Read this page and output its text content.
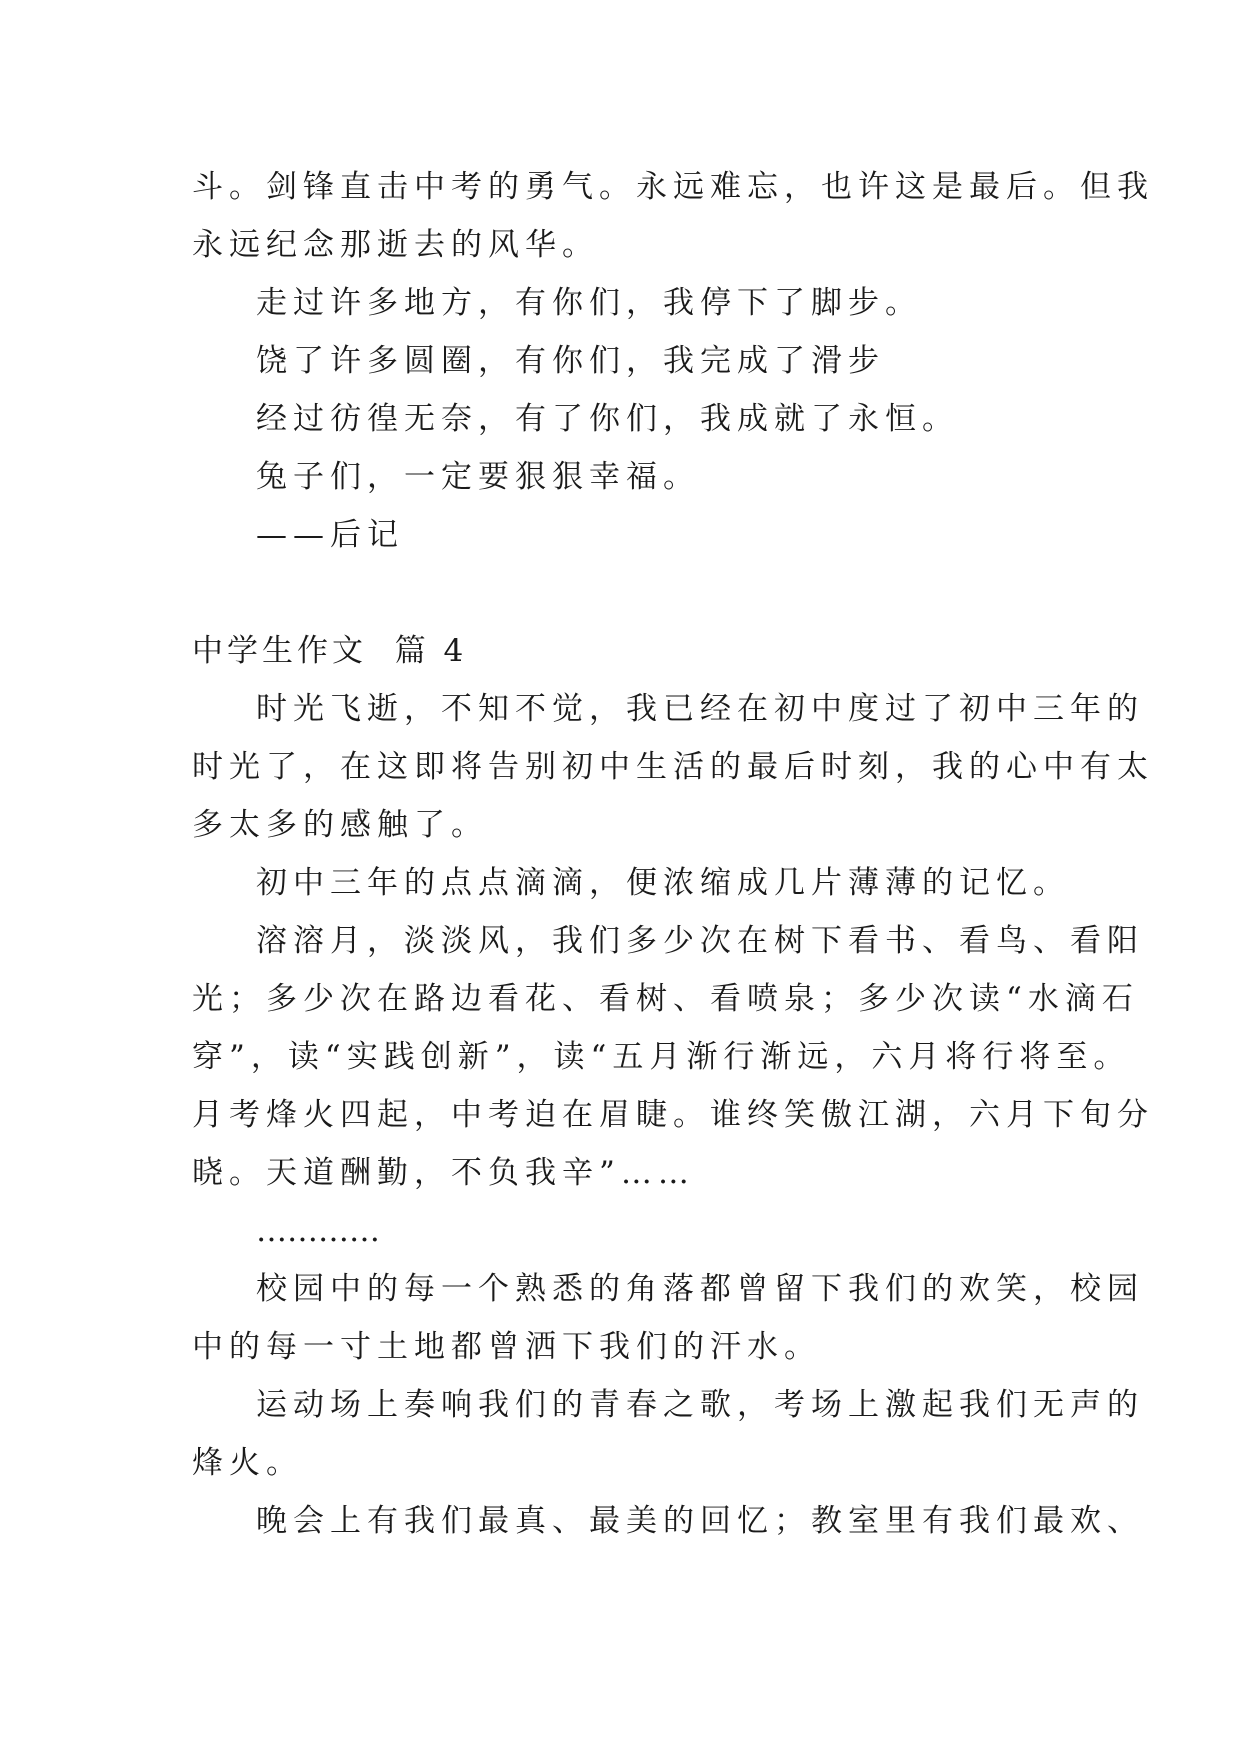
斗。剑锋直击中考的勇气。永远难忘，也许这是最后。但我
永远纪念那逝去的风华。
走过许多地方，有你们，我停下了脚步。
饶了许多圆圈，有你们，我完成了滑步
经过彷徨无奈，有了你们，我成就了永恒。
兔子们，一定要狠狠幸福。
——后记
中学生作文  篇 4
时光飞逝，不知不觉，我已经在初中度过了初中三年的
时光了，在这即将告别初中生活的最后时刻，我的心中有太
多太多的感触了。
初中三年的点点滴滴，便浓缩成几片薄薄的记忆。
溶溶月，淡淡风，我们多少次在树下看书、看鸟、看阳
光；多少次在路边看花、看树、看喷泉；多少次读“水滴石
穿”，读“实践创新”，读“五月渐行渐远，六月将行将至。
月考烽火四起，中考迫在眉睫。谁终笑傲江湖，六月下旬分
晓。天道酬勤，不负我辛”……
…………
校园中的每一个熟悉的角落都曾留下我们的欢笑，校园
中的每一寸土地都曾洒下我们的汗水。
运动场上奏响我们的青春之歌，考场上激起我们无声的
烽火。
晚会上有我们最真、最美的回忆；教室里有我们最欢、
